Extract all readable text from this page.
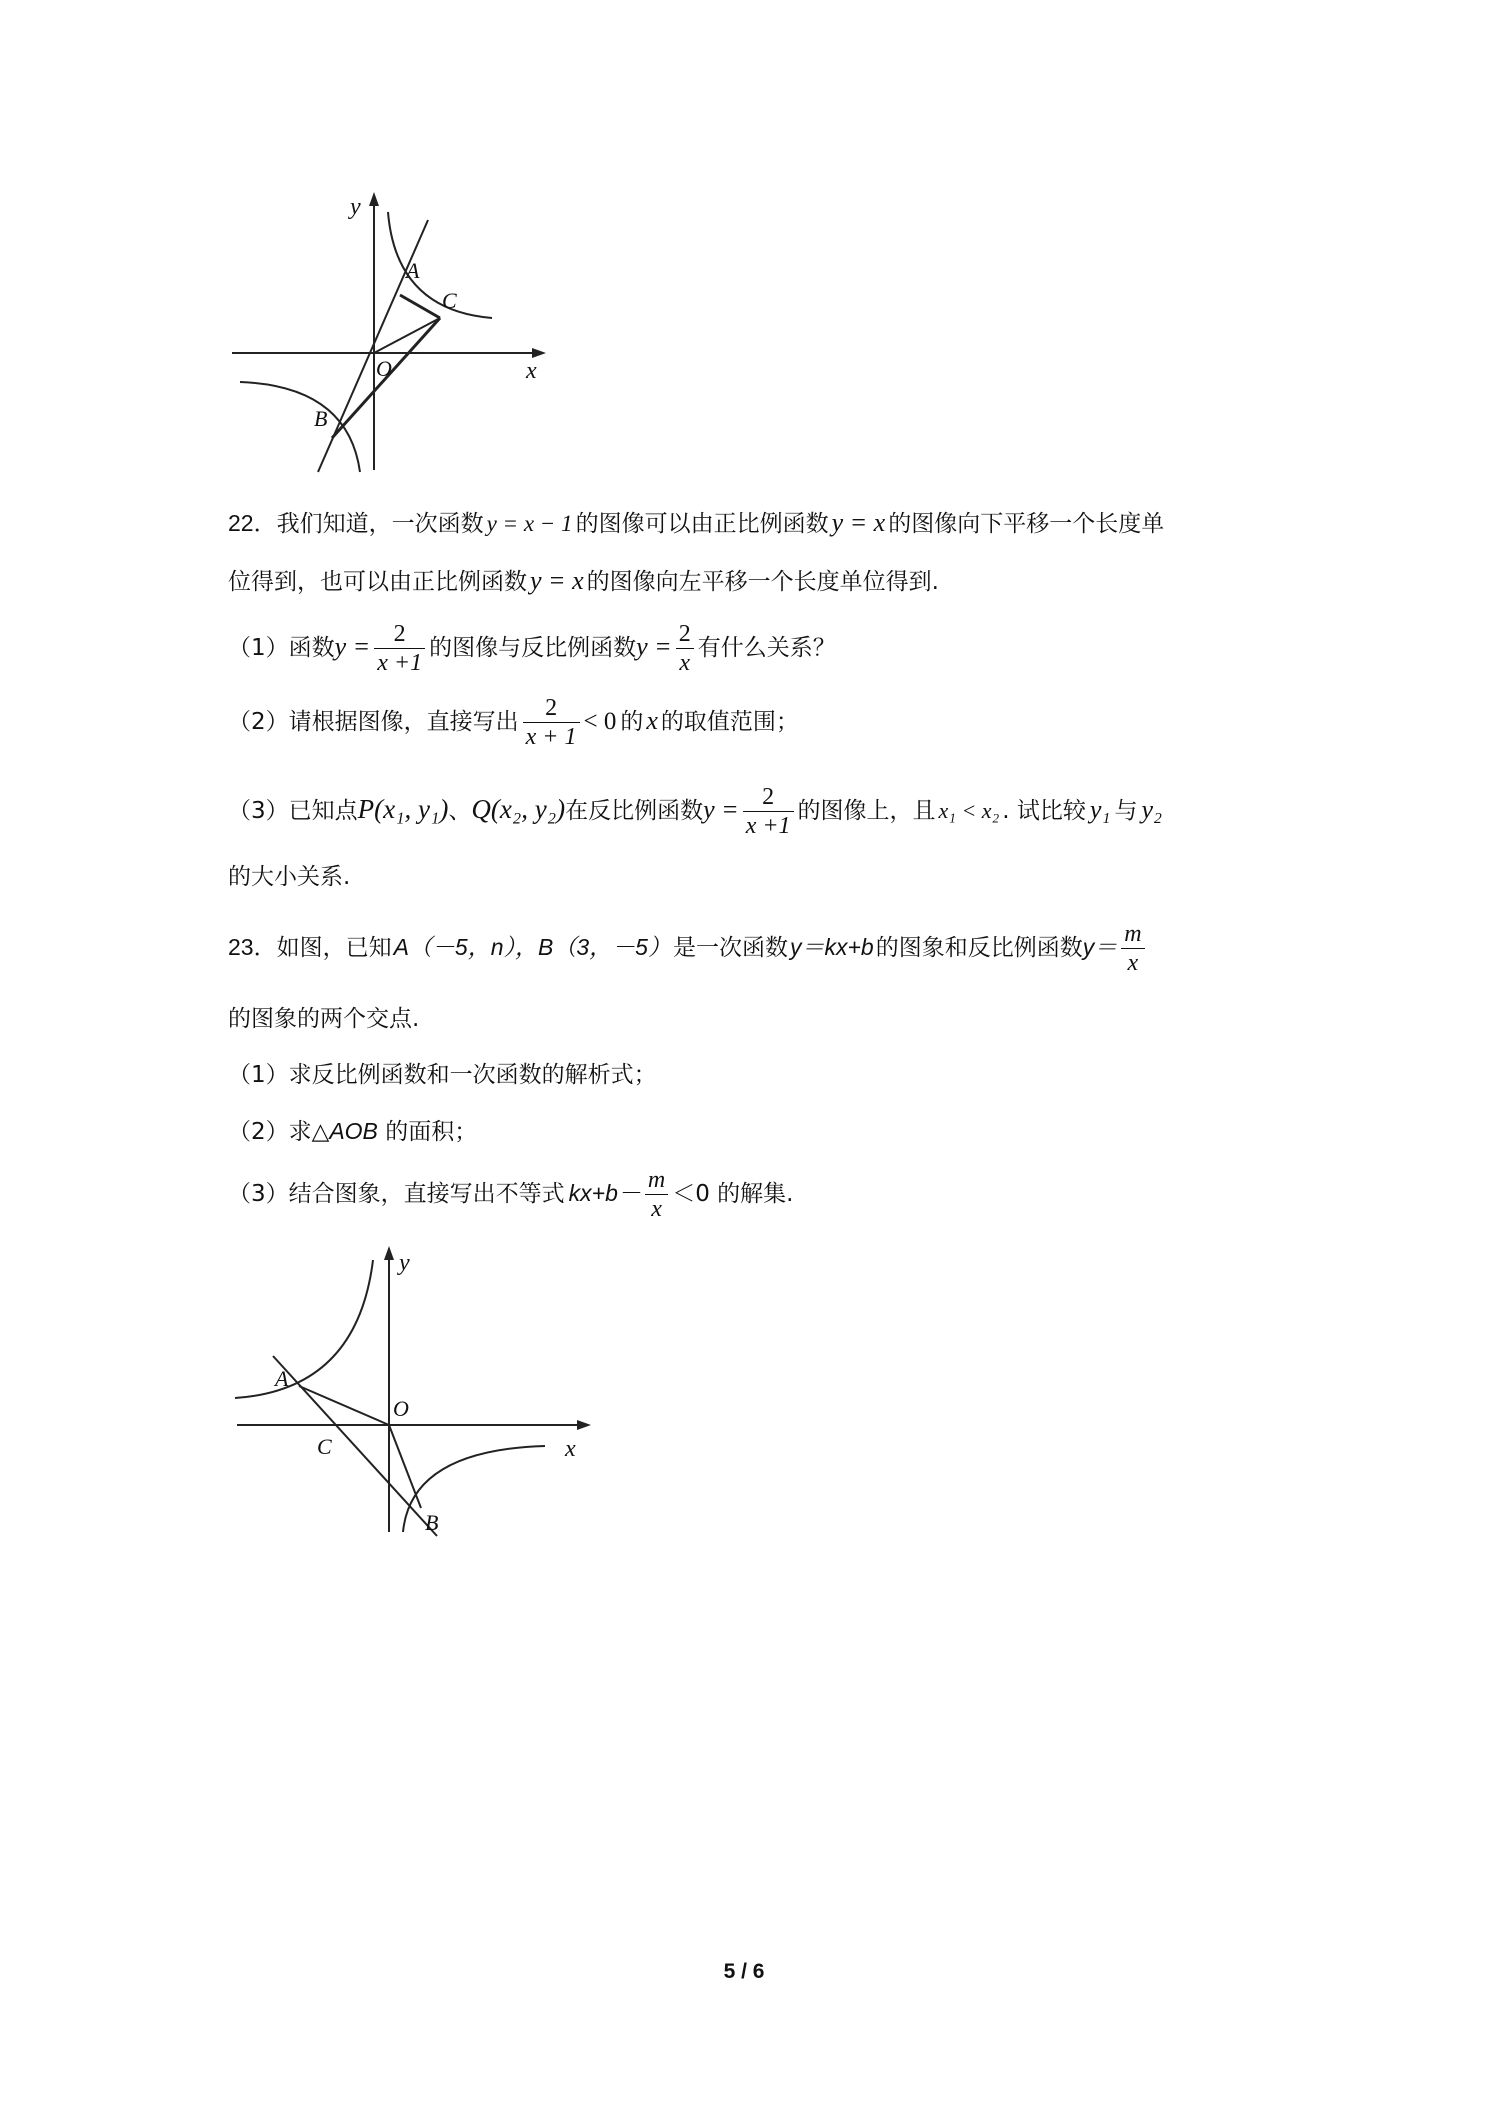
y
x
A
C
O
B
22．我们知道，一次函数 y = x − 1 的图像可以由正比例函数 y = x 的图像向下平移一个长度单
位得到，也可以由正比例函数 y = x 的图像向左平移一个长度单位得到.
（1）函数$y = \frac{2}{x +1}$ 的图像与反比例函数$y = \frac{2}{x}$ 有什么关系？
（2）请根据图像，直接写出 $\frac{2}{x + 1} < 0$ 的 x 的取值范围；
（3）已知点P(x₁, y₁)、Q(x₂, y₂)在反比例函数$y = \frac{2}{x +1}$ 的图像上，且 x₁ < x₂ . 试比较 y₁ 与 y₂
的大小关系.
23．如图，已知A（－5，n），B（3，－5）是一次函数y＝kx+b的图象和反比例函数$y= \frac{m}{x}$
的图象的两个交点.
（1）求反比例函数和一次函数的解析式；
（2）求△AOB 的面积；
（3）结合图象，直接写出不等式 $kx+b- \frac{m}{x} <0$ 的解集.
y
x
A
O
C
B
5 / 6
